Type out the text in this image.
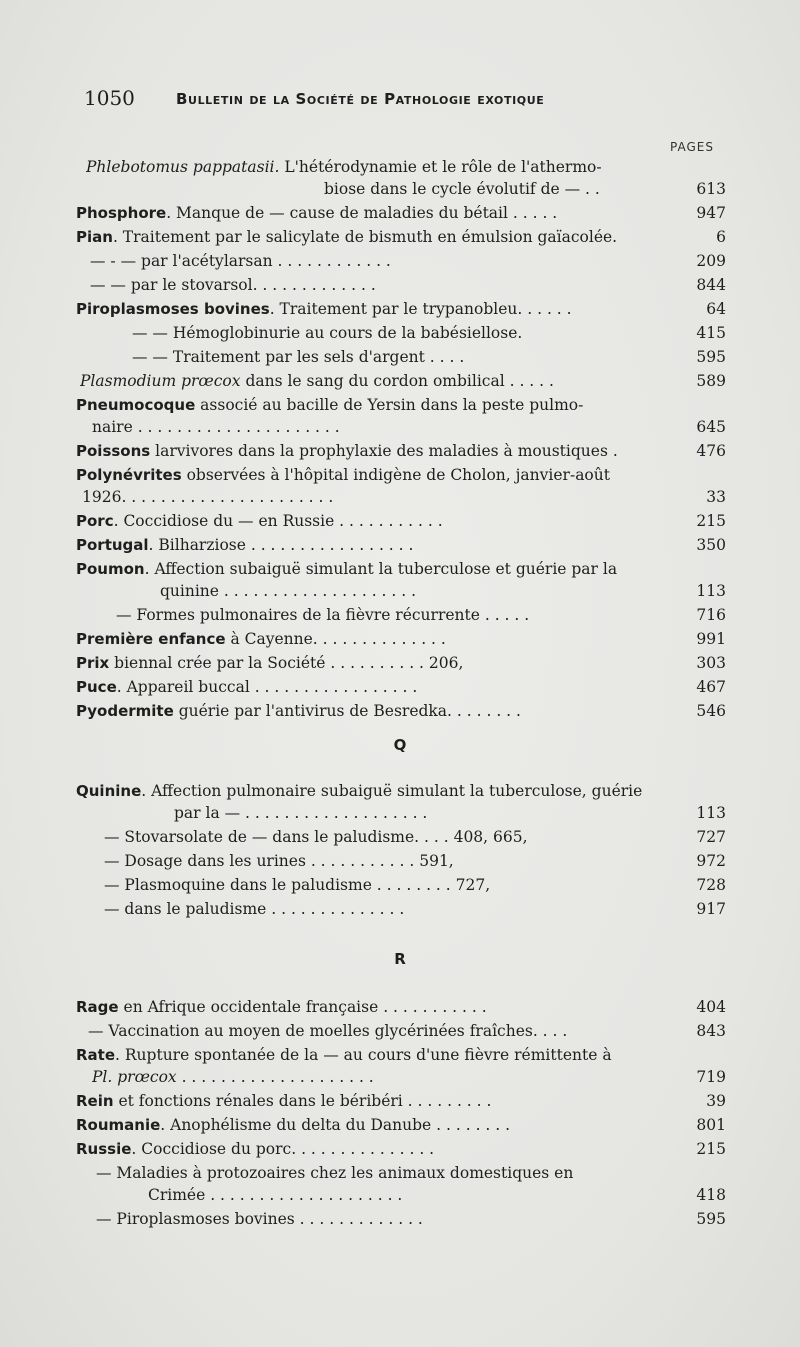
1050	Bulletin de la Société de Pathologie exotique
PAGES
Phlebotomus pappatasii. L'hétérodynamie et le rôle de l'athermo-
biose dans le cycle évolutif de — . .	613
Phosphore. Manque de — cause de maladies du bétail . . . . .	947
Pian. Traitement par le salicylate de bismuth en émulsion gaïacolée.	6
— - — par l'acétylarsan . . . . . . . . . . . .	209
— — par le stovarsol. . . . . . . . . . . . .	844
Piroplasmoses bovines. Traitement par le trypanobleu. . . . . .	64
— — Hémoglobinurie au cours de la babésiellose.	415
— — Traitement par les sels d'argent . . . .	595
Plasmodium prœcox dans le sang du cordon ombilical . . . . .	589
Pneumocoque associé au bacille de Yersin dans la peste pulmo-
naire . . . . . . . . . . . . . . . . . . . . .	645
Poissons larvivores dans la prophylaxie des maladies à moustiques .	476
Polynévrites observées à l'hôpital indigène de Cholon, janvier-août
1926. . . . . . . . . . . . . . . . . . . . . .	33
Porc. Coccidiose du — en Russie . . . . . . . . . . .	215
Portugal. Bilharziose . . . . . . . . . . . . . . . . .	350
Poumon. Affection subaiguë simulant la tuberculose et guérie par la
quinine . . . . . . . . . . . . . . . . . . . .	113
— Formes pulmonaires de la fièvre récurrente . . . . .	716
Première enfance à Cayenne. . . . . . . . . . . . . .	991
Prix biennal crée par la Société . . . . . . . . . . 206,	303
Puce. Appareil buccal . . . . . . . . . . . . . . . . .	467
Pyodermite guérie par l'antivirus de Besredka. . . . . . . .	546
Q
Quinine. Affection pulmonaire subaiguë simulant la tuberculose, guérie
par la — . . . . . . . . . . . . . . . . . . .	113
— Stovarsolate de — dans le paludisme. . . . 408, 665,	727
— Dosage dans les urines . . . . . . . . . . . 591,	972
— Plasmoquine dans le paludisme . . . . . . . . 727,	728
— dans le paludisme . . . . . . . . . . . . . .	917
R
Rage en Afrique occidentale française . . . . . . . . . . .	404
— Vaccination au moyen de moelles glycérinées fraîches. . . .	843
Rate. Rupture spontanée de la — au cours d'une fièvre rémittente à
Pl. prœcox . . . . . . . . . . . . . . . . . . . .	719
Rein et fonctions rénales dans le béribéri . . . . . . . . .	39
Roumanie. Anophélisme du delta du Danube . . . . . . . .	801
Russie. Coccidiose du porc. . . . . . . . . . . . . . .	215
— Maladies à protozoaires chez les animaux domestiques en
Crimée . . . . . . . . . . . . . . . . . . . .	418
— Piroplasmoses bovines . . . . . . . . . . . . .	595
